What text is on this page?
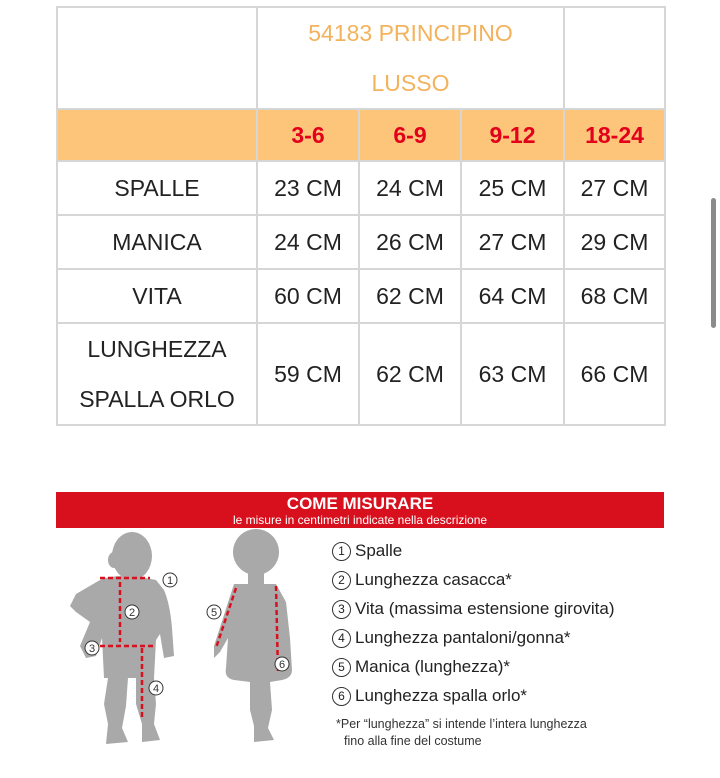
	54183 PRINCIPINO
LUSSO			

	3-6	6-9	9-12	18-24
SPALLE	23 CM	24 CM	25 CM	27 CM
MANICA	24 CM	26 CM	27 CM	29 CM
VITA	60 CM	62 CM	64 CM	68 CM

LUNGHEZZA
SPALLA ORLO	59 CM	62 CM	63 CM	66 CM
COME MISURARE
le misure in centimetri indicate nella descrizione
1
2
3
4
5
6
1 Spalle
2 Lunghezza casacca*
3 Vita (massima estensione girovita)
4 Lunghezza pantaloni/gonna*
5 Manica (lunghezza)*
6 Lunghezza spalla orlo*
*Per “lunghezza” si intende l’intera lunghezza
fino alla fine del costume
